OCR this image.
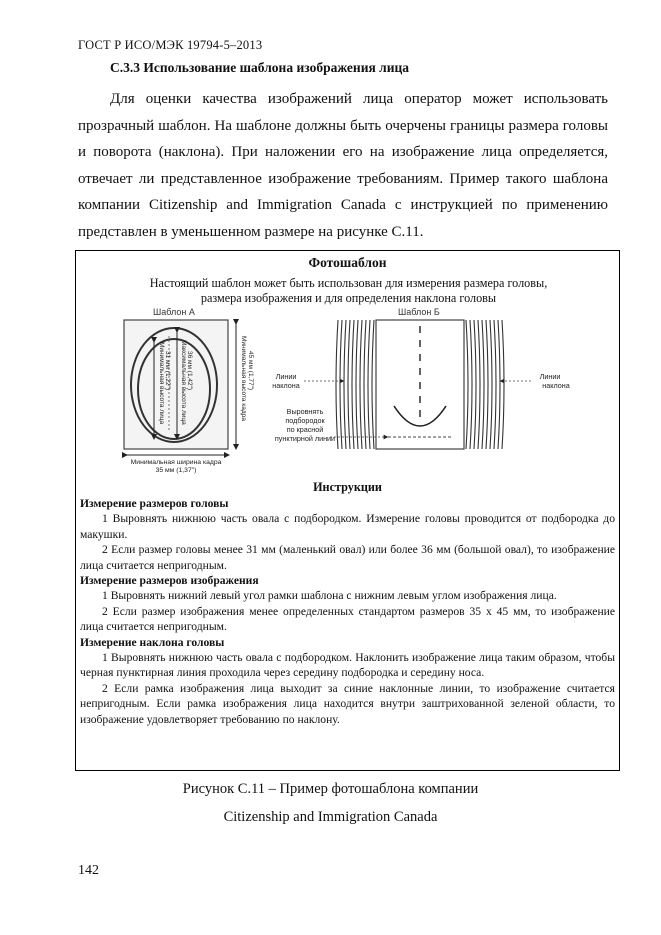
ГОСТ Р ИСО/МЭК 19794-5–2013
С.3.3 Использование шаблона изображения лица
Для оценки качества изображений лица оператор может использовать прозрачный шаблон. На шаблоне должны быть очерчены границы размера головы и поворота (наклона). При наложении его на изображение лица определяется, отвечает ли представленное изображение требованиям. Пример такого шаблона компании Citizenship and Immigration Canada с инструкцией по применению представлен в уменьшенном размере на рисунке С.11.
Фотошаблон
Настоящий шаблон может быть использован для измерения размера головы,
размера изображения и для определения наклона головы
Шаблон А
Минимальная высота лица 31 мм (1,22") Максимальная высота лица 36 мм (1,42")	Минимальная высота кадра 45 мм (1,77")
Минимальная ширина кадра
35 мм (1,37")
Шаблон Б
Линии
наклона
Линии
наклона
Выровнять
подбородок
по красной
пунктирной линии
Инструкции
Измерение размеров головы

1 Выровнять нижнюю часть овала с подбородком. Измерение головы проводится от подбородка до макушки.

2 Если размер головы менее 31 мм (маленький овал) или более 36 мм (большой овал), то изображение лица считается непригодным.

Измерение размеров изображения

1 Выровнять нижний левый угол рамки шаблона с нижним левым углом изображения лица.

2 Если размер изображения менее определенных стандартом размеров 35 x 45 мм, то изображение лица считается непригодным.

Измерение наклона головы

1 Выровнять нижнюю часть овала с подбородком. Наклонить изображение лица таким образом, чтобы черная пунктирная линия проходила через середину подбородка и середину носа.

2 Если рамка изображения лица выходит за синие наклонные линии, то изображение считается непригодным. Если рамка изображения лица находится внутри заштрихованной зеленой области, то изображение удовлетворяет требованию по наклону.

Рисунок С.11 – Пример фотошаблона компании
Citizenship and Immigration Canada
142
